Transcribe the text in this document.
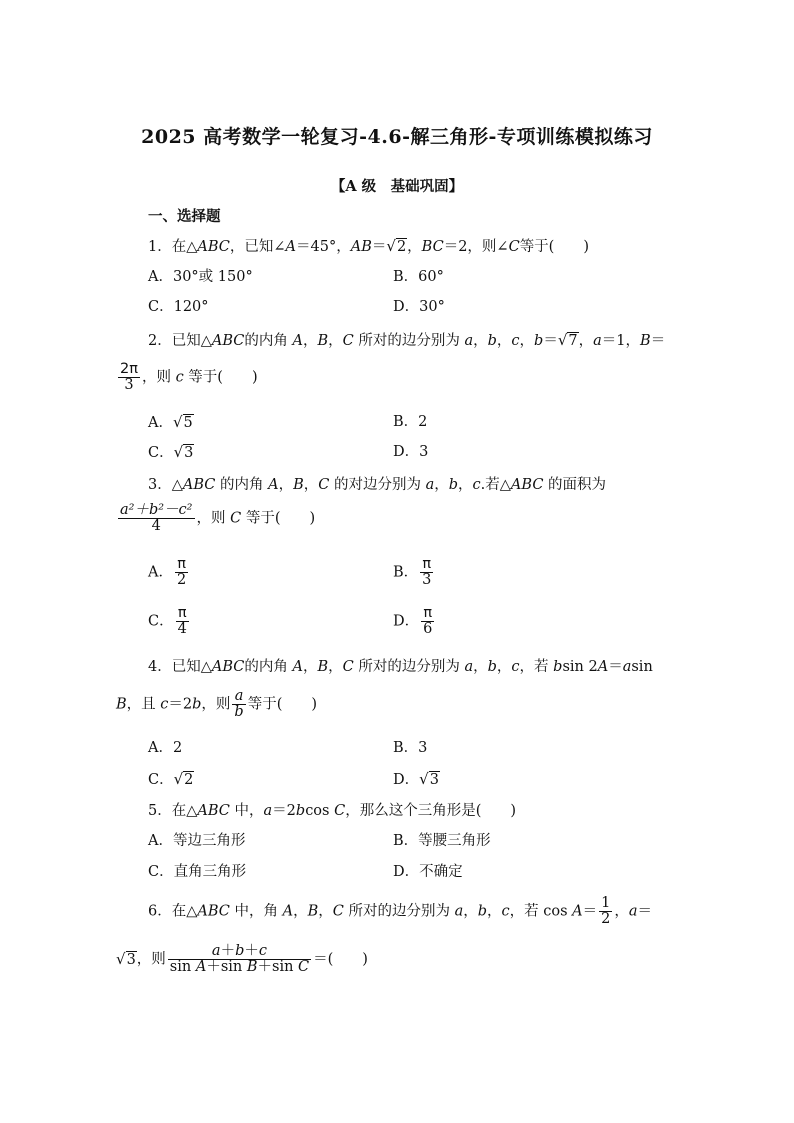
2025 高考数学一轮复习-4.6-解三角形-专项训练模拟练习
【A 级　基础巩固】
一、选择题
1．在△ABC，已知∠A＝45°，AB＝√2，BC＝2，则∠C等于(　　)
A．30°或 150°	B．60°
C．120°	D．30°
2．已知△ABC的内角 A，B，C 所对的边分别为 a，b，c，b＝√7，a＝1，B＝
$\frac{2\pi}{3}$ ，则 c 等于(　　)
A．√5	B．2
C．√3	D．3
3．△ABC 的内角 A，B，C 的对边分别为 a，b，c.若△ABC 的面积为
$\frac{\text{a²＋b²－c²}}{4}$ ，则 C 等于(　　)
A． $\frac{\pi}{2}$	B． $\frac{\pi}{3}$
C． $\frac{\pi}{4}$	D． $\frac{\pi}{6}$
4．已知△ABC的内角 A，B，C 所对的边分别为 a，b，c，若 bsin 2A＝asin
B，且 c＝2b，则 $\frac{a}{b}$ 等于(　　)
A．2	B．3
C．√2	D．√3
5．在△ABC 中，a＝2bcos C，那么这个三角形是(　　)
A．等边三角形	B．等腰三角形
C．直角三角形	D．不确定
6．在△ABC 中，角 A，B，C 所对的边分别为 a，b，c，若 $\cos A= \frac{1}{2}$ ，a＝
√3，则 $\frac{a+b+c}{\text{sin A＋sin B＋sin C}}$ ＝(　　)
